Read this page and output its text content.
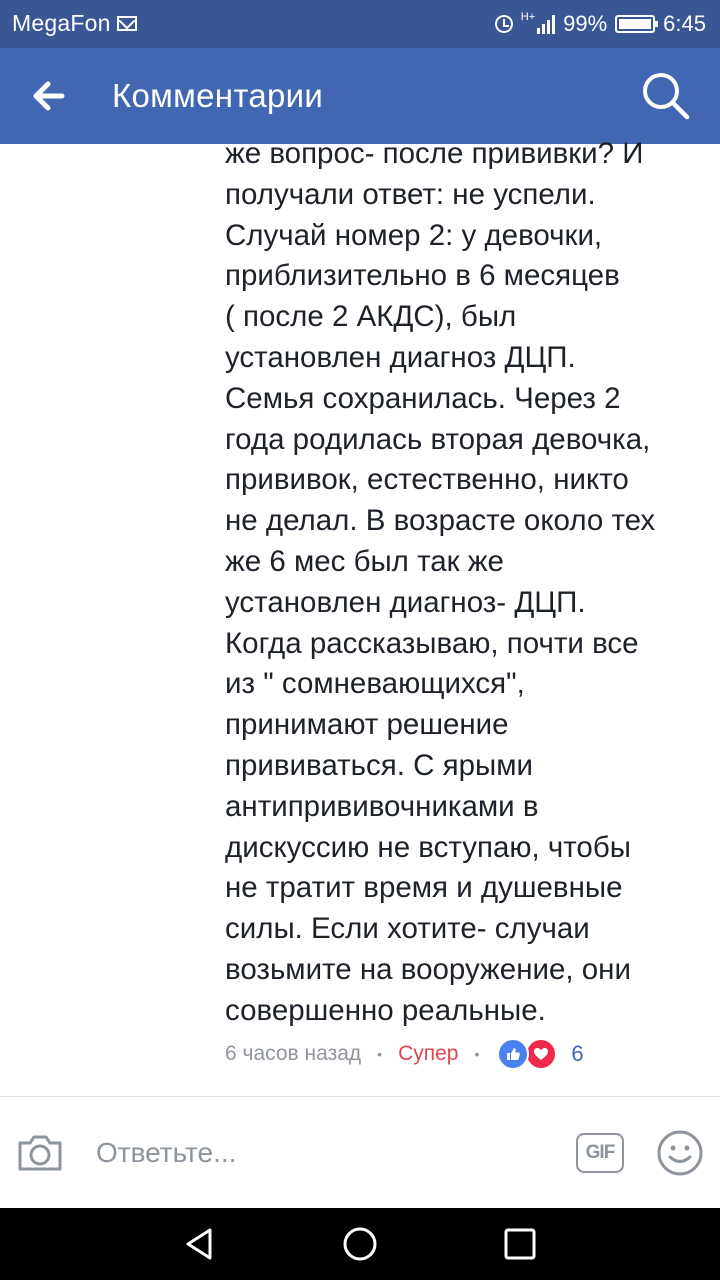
MegaFon	H+ 99%	6:45
Комментарии
же вопрос- после прививки? И
получали ответ: не успели.
Случай номер 2: у девочки,
приблизительно в 6 месяцев
( после 2 АКДС), был
установлен диагноз ДЦП.
Семья сохранилась. Через 2
года родилась вторая девочка,
прививок, естественно, никто
не делал. В возрасте около тех
же 6 мес был так же
установлен диагноз- ДЦП.
Когда рассказываю, почти все
из " сомневающихся",
принимают решение
прививаться. С ярыми
антипрививочниками в
дискуссию не вступаю, чтобы
не тратит время и душевные
силы. Если хотите- случаи
возьмите на вооружение, они
совершенно реальные.
6 часов назад • Супер •	6
Ответьте...
GIF
